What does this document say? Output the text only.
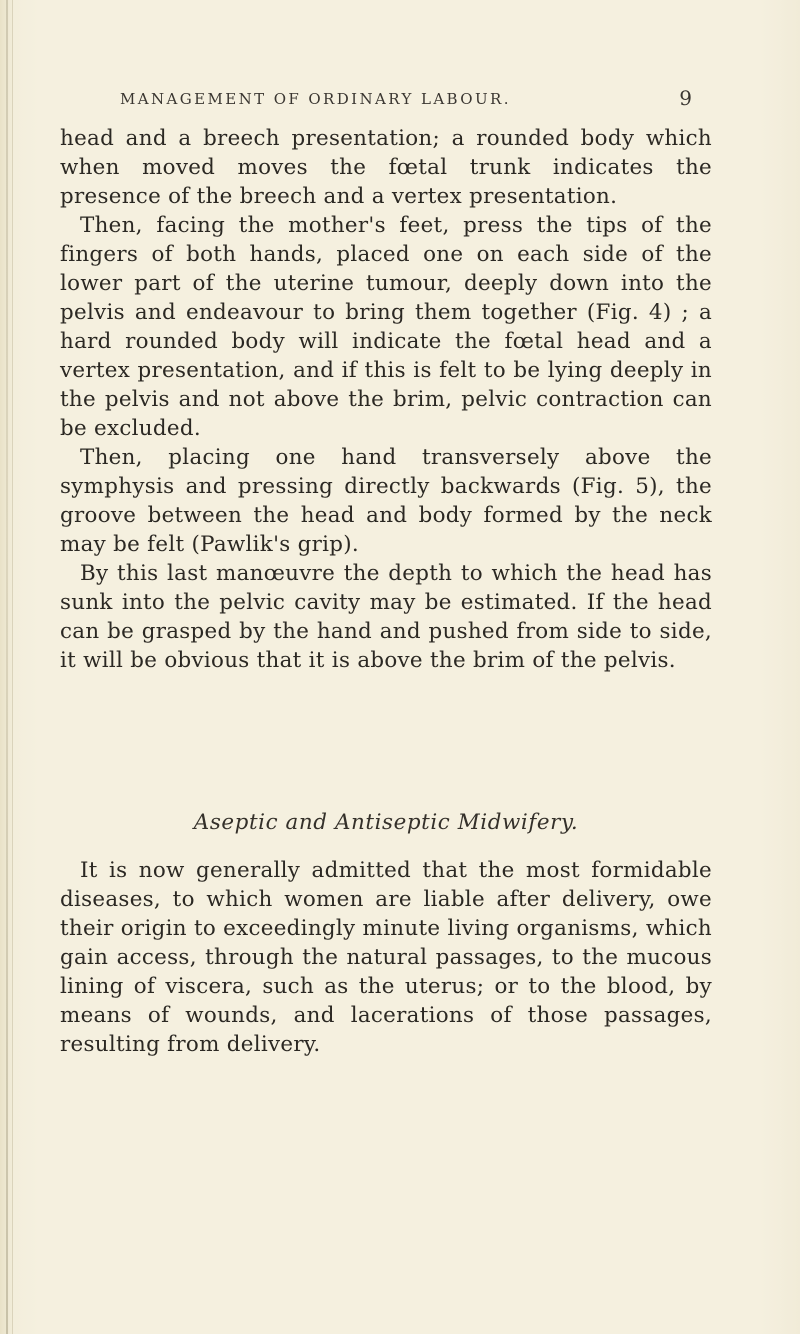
MANAGEMENT OF ORDINARY LABOUR.	9

head and a breech presentation; a rounded body which when moved moves the fœtal trunk indicates the presence of the breech and a vertex presentation.

Then, facing the mother's feet, press the tips of the fingers of both hands, placed one on each side of the lower part of the uterine tumour, deeply down into the pelvis and endeavour to bring them together (Fig. 4) ; a hard rounded body will indicate the fœtal head and a vertex presentation, and if this is felt to be lying deeply in the pelvis and not above the brim, pelvic contraction can be excluded.

Then, placing one hand transversely above the symphysis and pressing directly backwards (Fig. 5), the groove between the head and body formed by the neck may be felt (Pawlik's grip).

By this last manœuvre the depth to which the head has sunk into the pelvic cavity may be estimated. If the head can be grasped by the hand and pushed from side to side, it will be obvious that it is above the brim of the pelvis.

Aseptic and Antiseptic Midwifery.

It is now generally admitted that the most formidable diseases, to which women are liable after delivery, owe their origin to exceedingly minute living organisms, which gain access, through the natural passages, to the mucous lining of viscera, such as the uterus; or to the blood, by means of wounds, and lacerations of those passages, resulting from delivery.
